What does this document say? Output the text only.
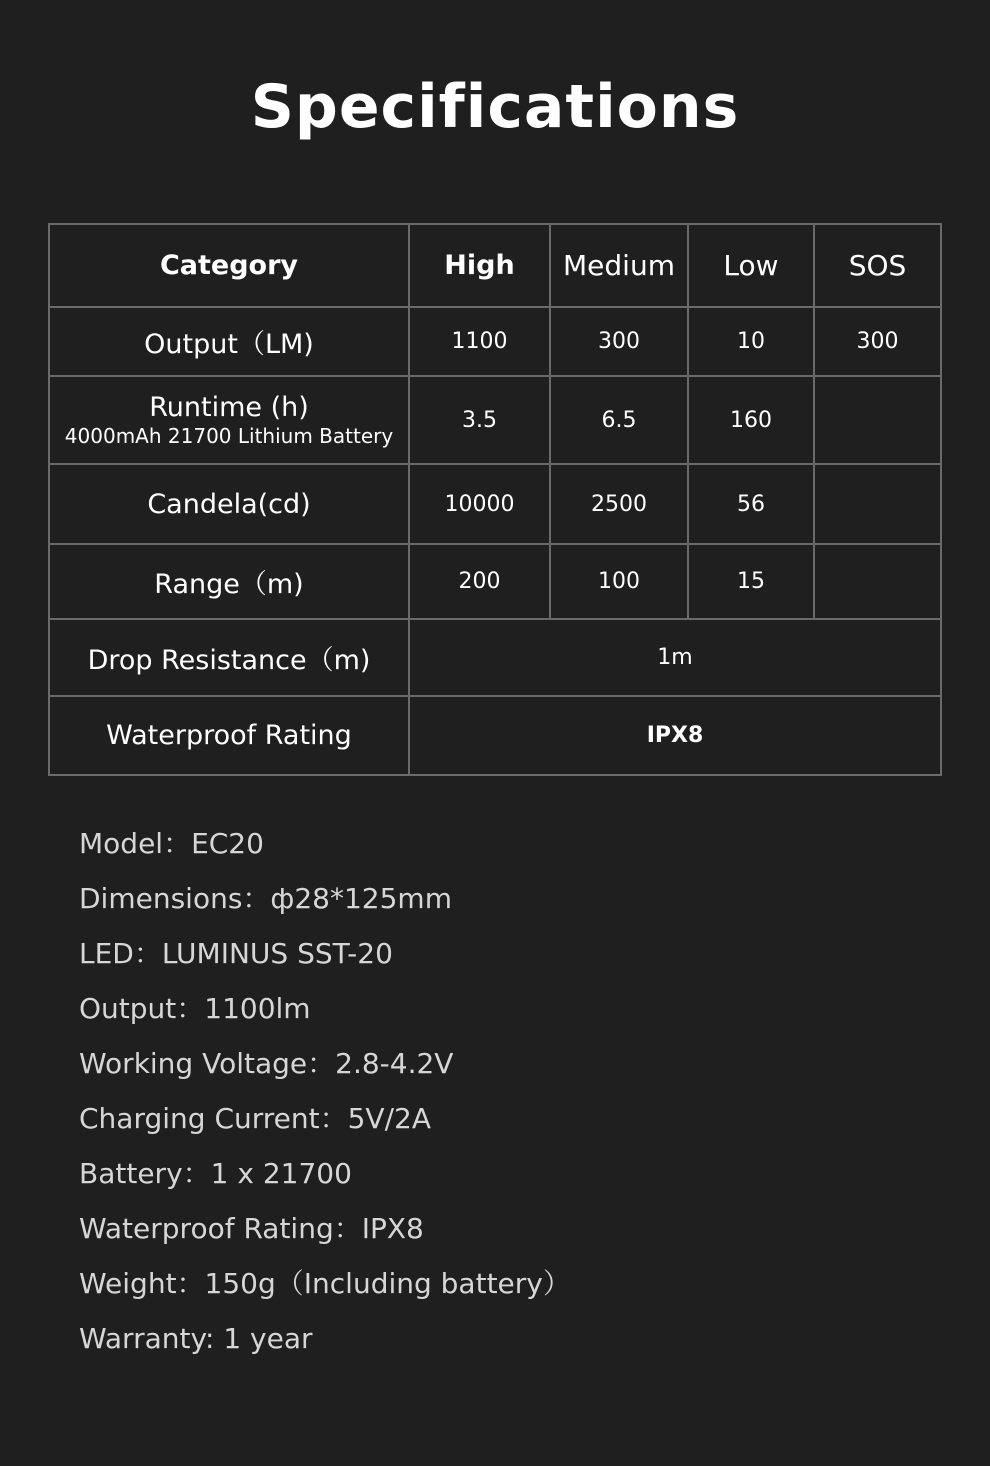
Specifications
Category	High	Medium	Low	SOS
Output（LM)	1100	300	10	300

Runtime (h)
4000mAh 21700 Lithium Battery	3.5	6.5	160	
Candela(cd)	10000	2500	56	
Range（m)	200	100	15	
Drop Resistance（m)	1m			
Waterproof Rating	IPX8			
Model：EC20
Dimensions：ф28*125mm
LED：LUMINUS SST-20
Output：1100lm
Working Voltage：2.8-4.2V
Charging Current：5V/2A
Battery：1 x 21700
Waterproof Rating：IPX8
Weight：150g（Including battery）
Warranty: 1 year
